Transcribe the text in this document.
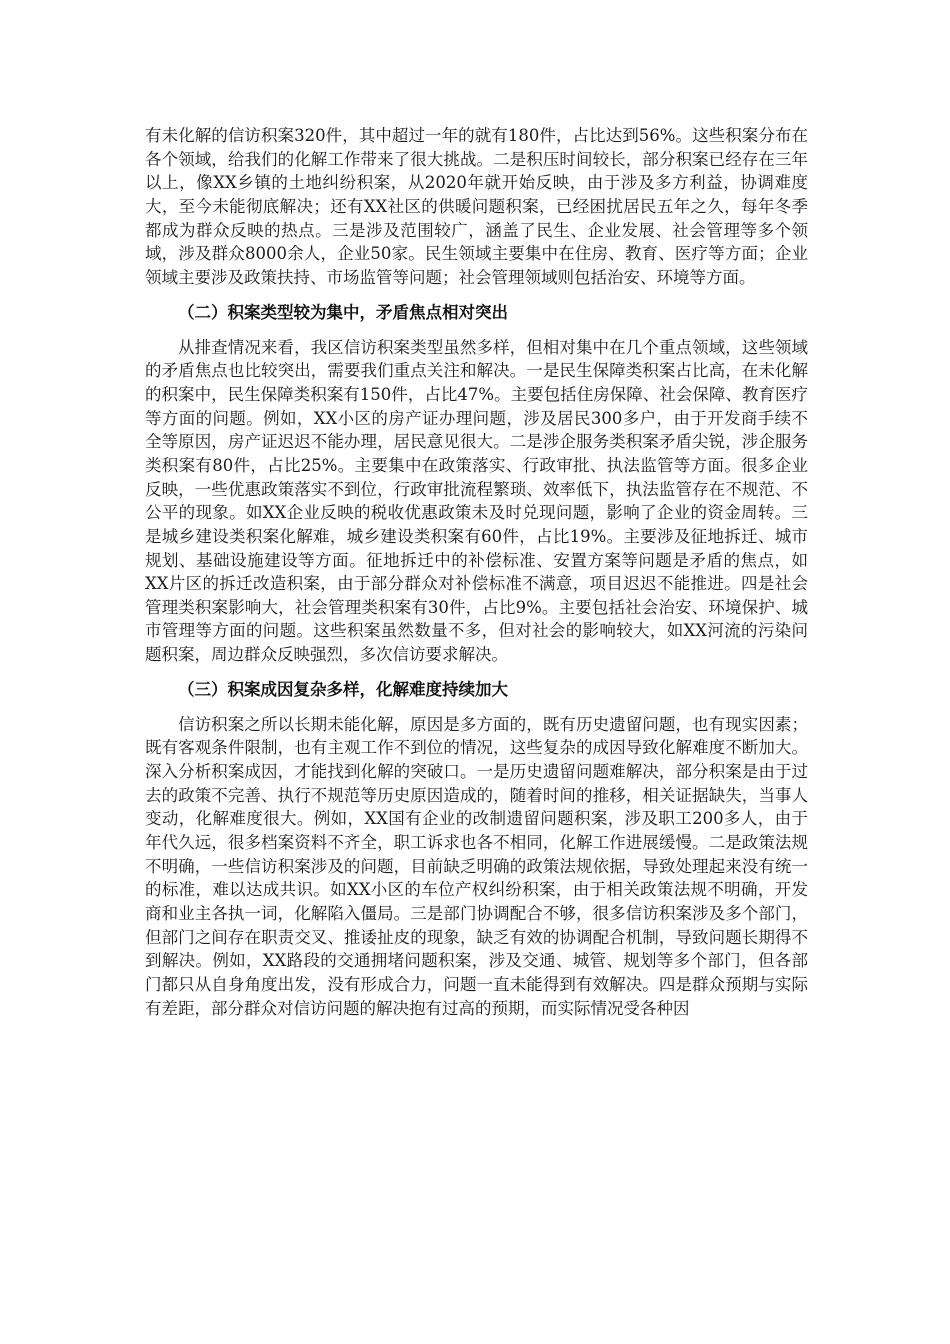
有未化解的信访积案320件，其中超过一年的就有180件，占比达到56%。这些积案分布在各个领域，给我们的化解工作带来了很大挑战。二是积压时间较长，部分积案已经存在三年以上，像XX乡镇的土地纠纷积案，从2020年就开始反映，由于涉及多方利益，协调难度大，至今未能彻底解决；还有XX社区的供暖问题积案，已经困扰居民五年之久，每年冬季都成为群众反映的热点。三是涉及范围较广，涵盖了民生、企业发展、社会管理等多个领域，涉及群众8000余人，企业50家。民生领域主要集中在住房、教育、医疗等方面；企业领域主要涉及政策扶持、市场监管等问题；社会管理领域则包括治安、环境等方面。

（二）积案类型较为集中，矛盾焦点相对突出

从排查情况来看，我区信访积案类型虽然多样，但相对集中在几个重点领域，这些领域的矛盾焦点也比较突出，需要我们重点关注和解决。一是民生保障类积案占比高，在未化解的积案中，民生保障类积案有150件，占比47%。主要包括住房保障、社会保障、教育医疗等方面的问题。例如，XX小区的房产证办理问题，涉及居民300多户，由于开发商手续不全等原因，房产证迟迟不能办理，居民意见很大。二是涉企服务类积案矛盾尖锐，涉企服务类积案有80件，占比25%。主要集中在政策落实、行政审批、执法监管等方面。很多企业反映，一些优惠政策落实不到位，行政审批流程繁琐、效率低下，执法监管存在不规范、不公平的现象。如XX企业反映的税收优惠政策未及时兑现问题，影响了企业的资金周转。三是城乡建设类积案化解难，城乡建设类积案有60件，占比19%。主要涉及征地拆迁、城市规划、基础设施建设等方面。征地拆迁中的补偿标准、安置方案等问题是矛盾的焦点，如XX片区的拆迁改造积案，由于部分群众对补偿标准不满意，项目迟迟不能推进。四是社会管理类积案影响大，社会管理类积案有30件，占比9%。主要包括社会治安、环境保护、城市管理等方面的问题。这些积案虽然数量不多，但对社会的影响较大，如XX河流的污染问题积案，周边群众反映强烈，多次信访要求解决。

（三）积案成因复杂多样，化解难度持续加大

信访积案之所以长期未能化解，原因是多方面的，既有历史遗留问题，也有现实因素；既有客观条件限制，也有主观工作不到位的情况，这些复杂的成因导致化解难度不断加大。深入分析积案成因，才能找到化解的突破口。一是历史遗留问题难解决，部分积案是由于过去的政策不完善、执行不规范等历史原因造成的，随着时间的推移，相关证据缺失，当事人变动，化解难度很大。例如，XX国有企业的改制遗留问题积案，涉及职工200多人，由于年代久远，很多档案资料不齐全，职工诉求也各不相同，化解工作进展缓慢。二是政策法规不明确，一些信访积案涉及的问题，目前缺乏明确的政策法规依据，导致处理起来没有统一的标准，难以达成共识。如XX小区的车位产权纠纷积案，由于相关政策法规不明确，开发商和业主各执一词，化解陷入僵局。三是部门协调配合不够，很多信访积案涉及多个部门，但部门之间存在职责交叉、推诿扯皮的现象，缺乏有效的协调配合机制，导致问题长期得不到解决。例如，XX路段的交通拥堵问题积案，涉及交通、城管、规划等多个部门，但各部门都只从自身角度出发，没有形成合力，问题一直未能得到有效解决。四是群众预期与实际有差距，部分群众对信访问题的解决抱有过高的预期，而实际情况受各种因
